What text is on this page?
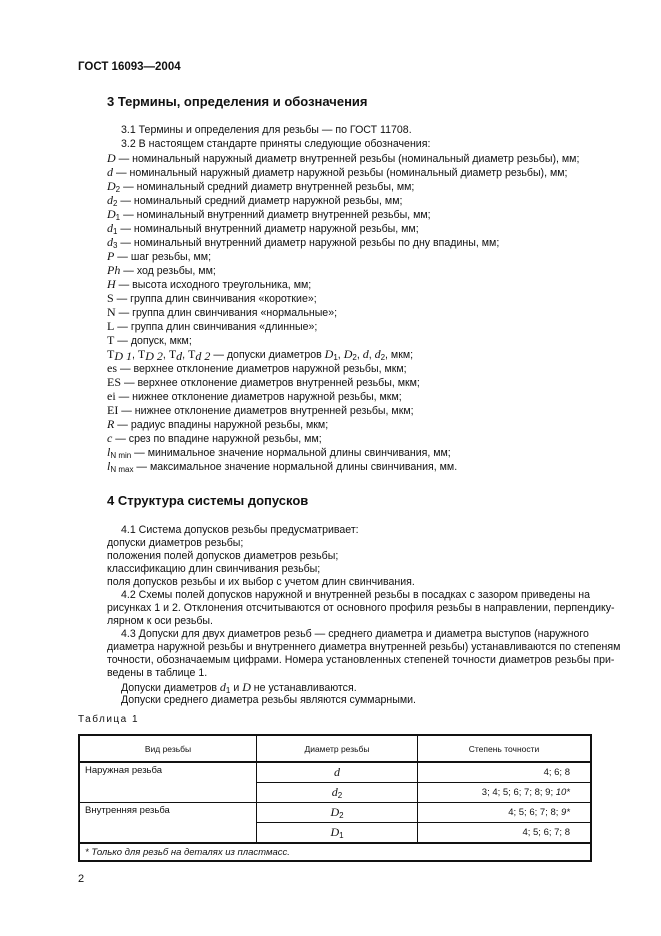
ГОСТ 16093—2004
3 Термины, определения и обозначения
3.1 Термины и определения для резьбы — по ГОСТ 11708.
3.2 В настоящем стандарте приняты следующие обозначения:
D — номинальный наружный диаметр внутренней резьбы (номинальный диаметр резьбы), мм;
d — номинальный наружный диаметр наружной резьбы (номинальный диаметр резьбы), мм;
$D_2$ — номинальный средний диаметр внутренней резьбы, мм;
$d_2$ — номинальный средний диаметр наружной резьбы, мм;
$D_1$ — номинальный внутренний диаметр внутренней резьбы, мм;
$d_1$ — номинальный внутренний диаметр наружной резьбы, мм;
$d_3$ — номинальный внутренний диаметр наружной резьбы по дну впадины, мм;
P — шаг резьбы, мм;
Ph — ход резьбы, мм;
H — высота исходного треугольника, мм;
S — группа длин свинчивания «короткие»;
N — группа длин свинчивания «нормальные»;
L — группа длин свинчивания «длинные»;
T — допуск, мкм;
$T_{D 1}$, $T_{D 2}$, $T_d$, $T_{d 2}$ — допуски диаметров $D_1$, $D_2$, d, $d_2$, мкм;
es — верхнее отклонение диаметров наружной резьбы, мкм;
ES — верхнее отклонение диаметров внутренней резьбы, мкм;
ei — нижнее отклонение диаметров наружной резьбы, мкм;
EI — нижнее отклонение диаметров внутренней резьбы, мкм;
R — радиус впадины наружной резьбы, мкм;
c — срез по впадине наружной резьбы, мм;
$l_{N min}$ — минимальное значение нормальной длины свинчивания, мм;
$l_{N max}$ — максимальное значение нормальной длины свинчивания, мм.
4 Структура системы допусков
4.1 Система допусков резьбы предусматривает:
допуски диаметров резьбы;
положения полей допусков диаметров резьбы;
классификацию длин свинчивания резьбы;
поля допусков резьбы и их выбор с учетом длин свинчивания.
4.2 Схемы полей допусков наружной и внутренней резьбы в посадках с зазором приведены на
рисунках 1 и 2. Отклонения отсчитываются от основного профиля резьбы в направлении, перпендику-
лярном к оси резьбы.
4.3 Допуски для двух диаметров резьб — среднего диаметра и диаметра выступов (наружного
диаметра наружной резьбы и внутреннего диаметра внутренней резьбы) устанавливаются по степеням
точности, обозначаемым цифрами. Номера установленных степеней точности диаметров резьбы при-
ведены в таблице 1.
Допуски диаметров $d_1$ и D не устанавливаются.
Допуски среднего диаметра резьбы являются суммарными.
Таблица 1
Вид резьбы	Диаметр резьбы	Степень точности
Наружная резьба	d	4; 6; 8
	$d_2$	3; 4; 5; 6; 7; 8; 9; 10*
Внутренняя резьба	$D_2$	4; 5; 6; 7; 8; 9*
	$D_1$	4; 5; 6; 7; 8
* Только для резьб на деталях из пластмасс.		
2
